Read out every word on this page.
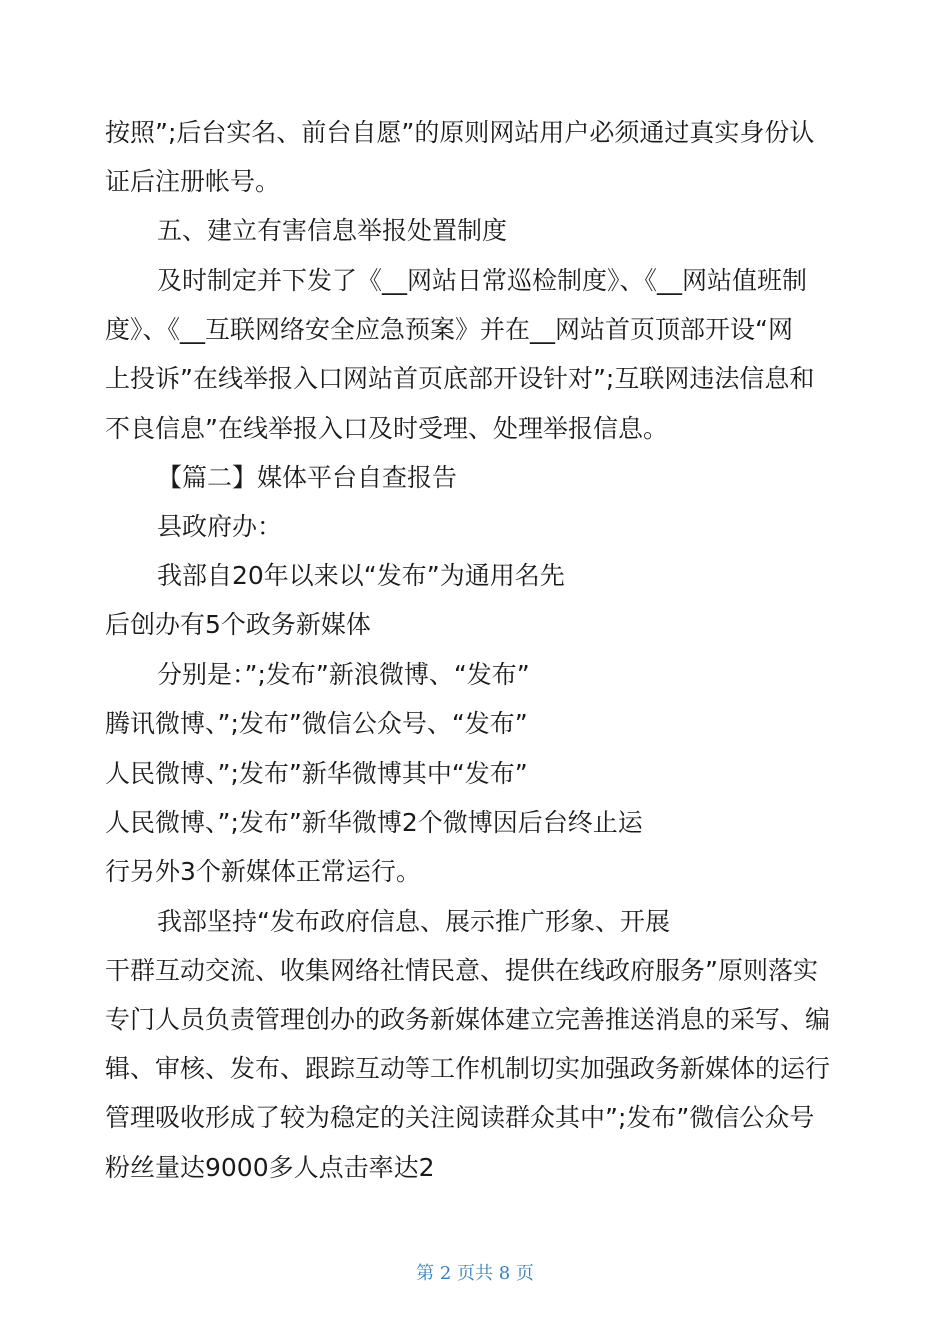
按照”;后台实名、前台自愿”的原则网站用户必须通过真实身份认
证后注册帐号。
五、建立有害信息举报处置制度
及时制定并下发了《__网站日常巡检制度》、《__网站值班制
度》、《__互联网络安全应急预案》并在__网站首页顶部开设“网
上投诉”在线举报入口网站首页底部开设针对”;互联网违法信息和
不良信息”在线举报入口及时受理、处理举报信息。
【篇二】媒体平台自查报告
县政府办：
我部自20年以来以“发布”为通用名先
后创办有5个政务新媒体
分别是：”;发布”新浪微博、“发布”
腾讯微博、”;发布”微信公众号、“发布”
人民微博、”;发布”新华微博其中“发布”
人民微博、”;发布”新华微博2个微博因后台终止运
行另外3个新媒体正常运行。
我部坚持“发布政府信息、展示推广形象、开展
干群互动交流、收集网络社情民意、提供在线政府服务”原则落实
专门人员负责管理创办的政务新媒体建立完善推送消息的采写、编
辑、审核、发布、跟踪互动等工作机制切实加强政务新媒体的运行
管理吸收形成了较为稳定的关注阅读群众其中”;发布”微信公众号
粉丝量达9000多人点击率达2
第 2 页共 8 页
